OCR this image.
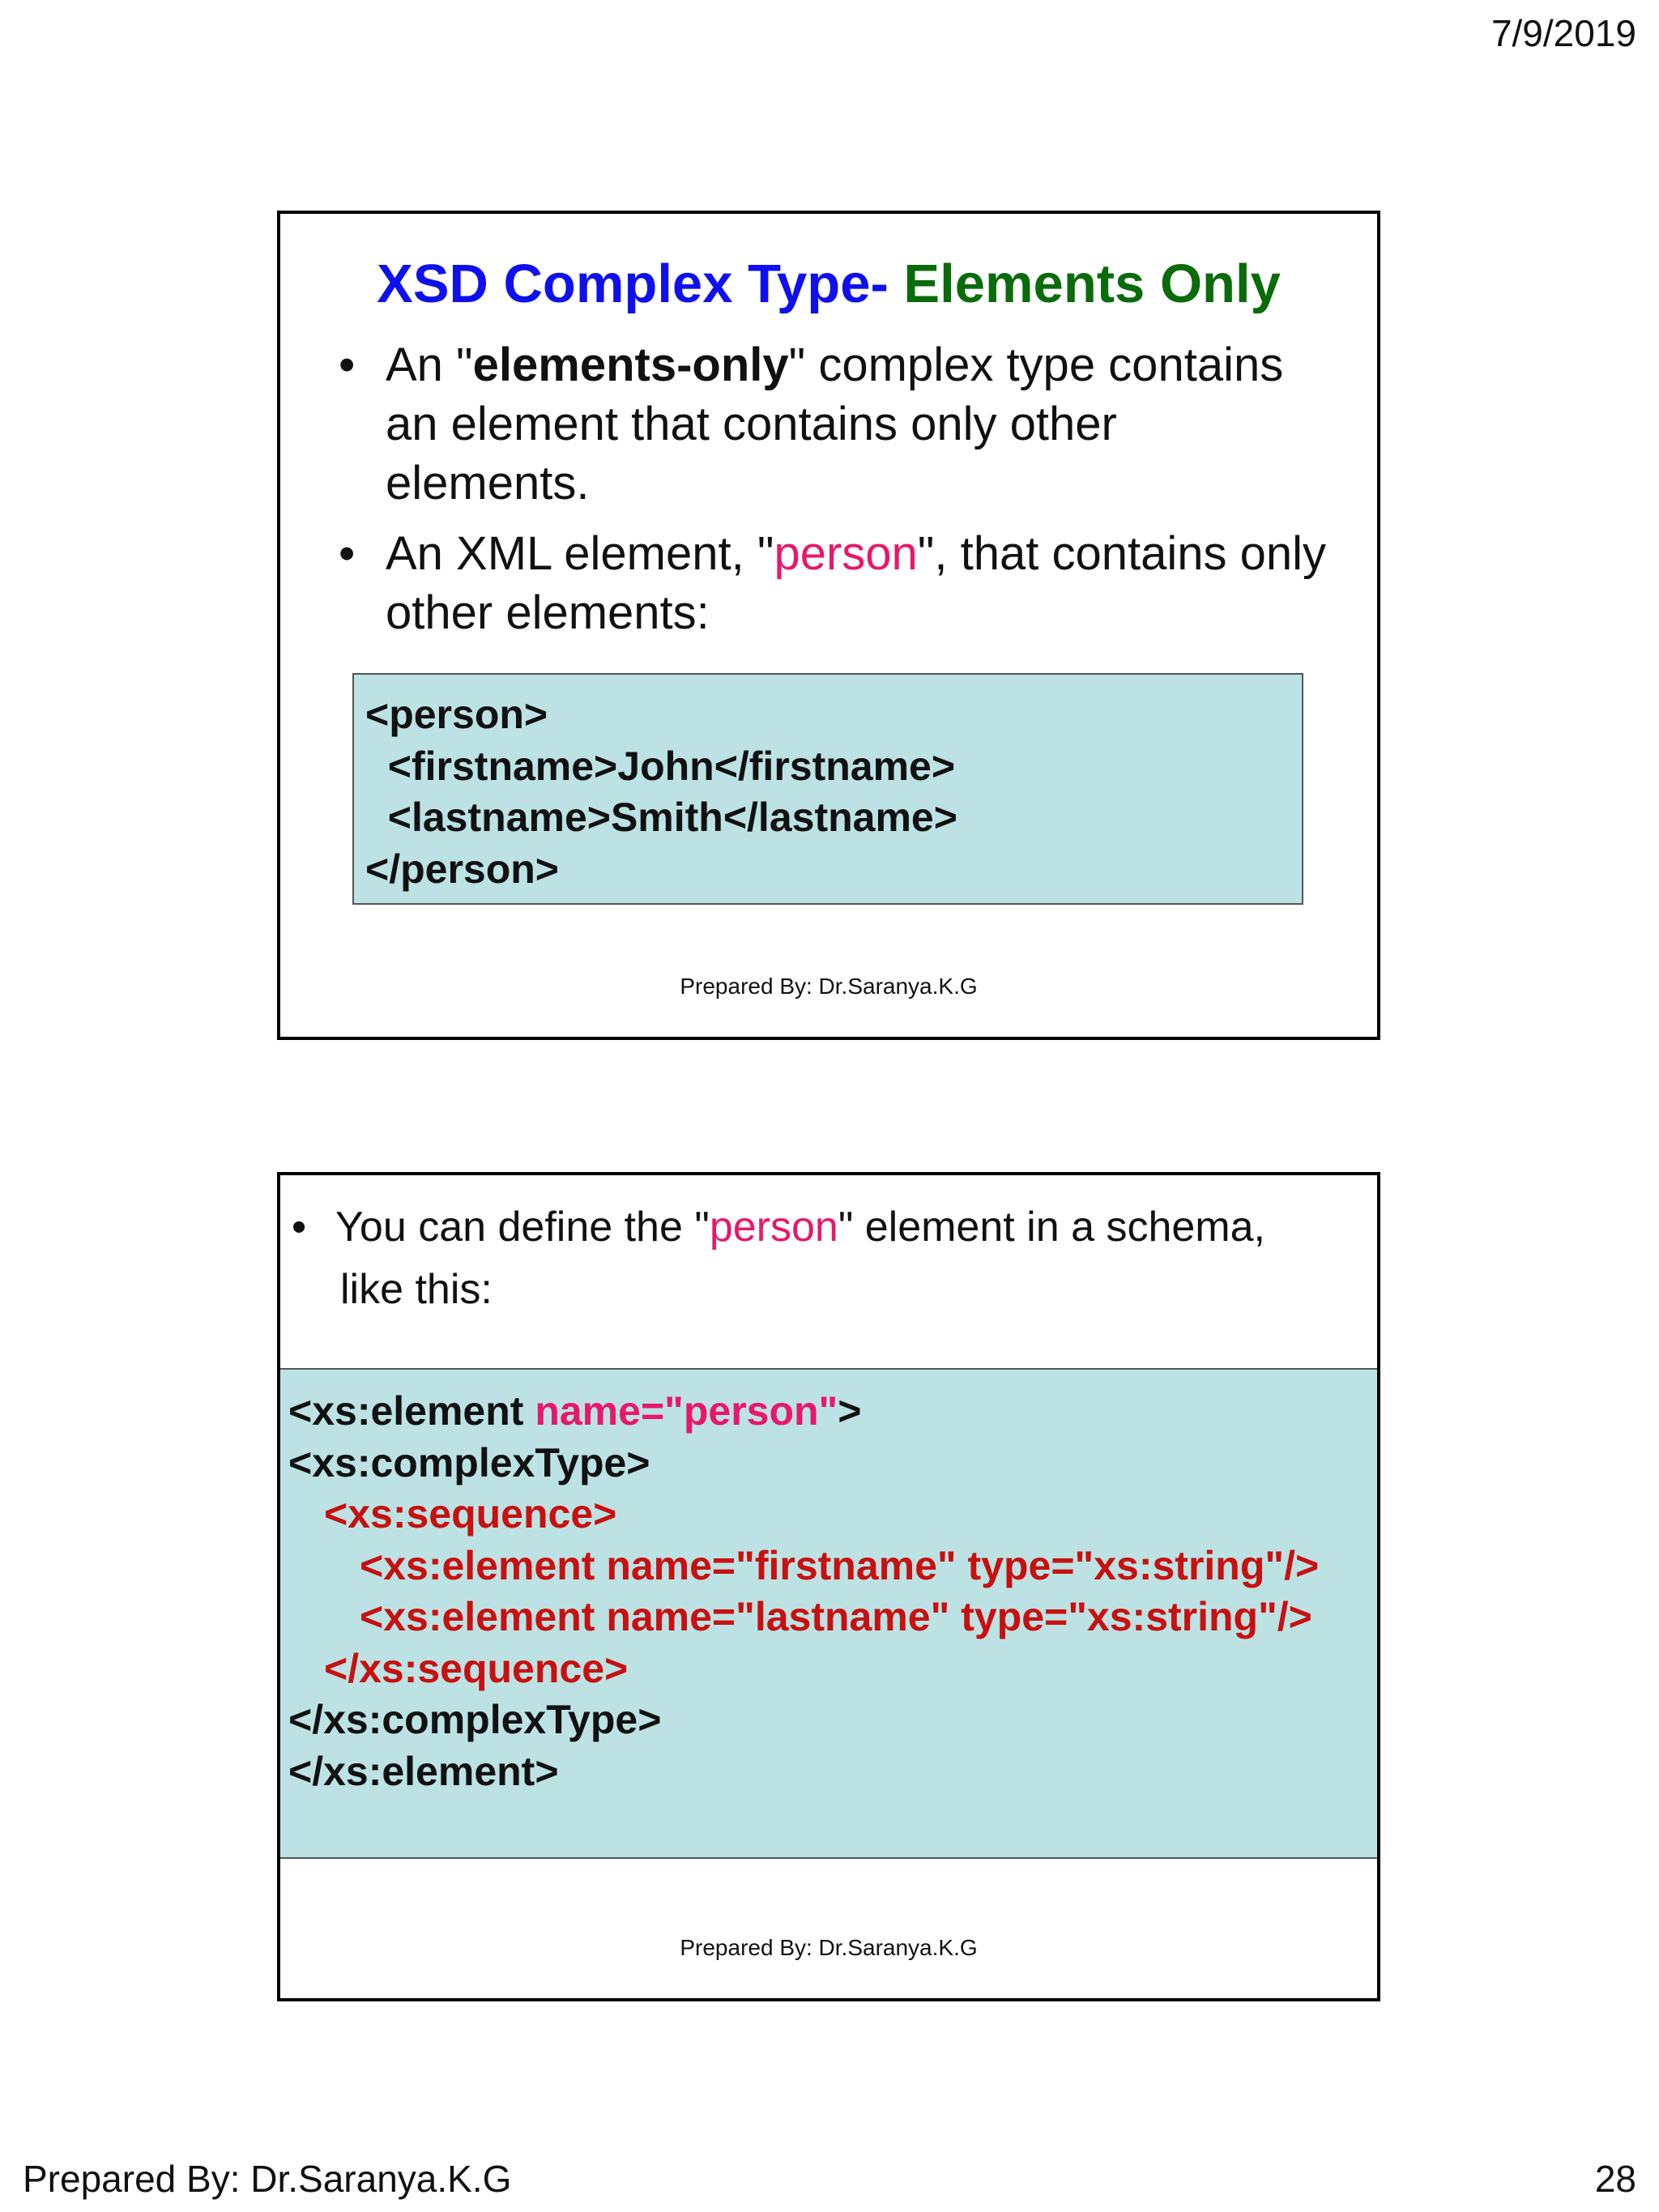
7/9/2019
XSD Complex Type- Elements Only
• An "elements-only" complex type contains an element that contains only other elements.
• An XML element, "person", that contains only other elements:
<person>
<firstname>John</firstname>
<lastname>Smith</lastname>
</person>
Prepared By: Dr.Saranya.K.G
• You can define the "person" element in a schema,
like this:
<xs:element name="person">
<xs:complexType>
<xs:sequence>
<xs:element name="firstname" type="xs:string"/>
<xs:element name="lastname" type="xs:string"/>
</xs:sequence>
</xs:complexType>
</xs:element>
Prepared By: Dr.Saranya.K.G
Prepared By: Dr.Saranya.K.G	28
